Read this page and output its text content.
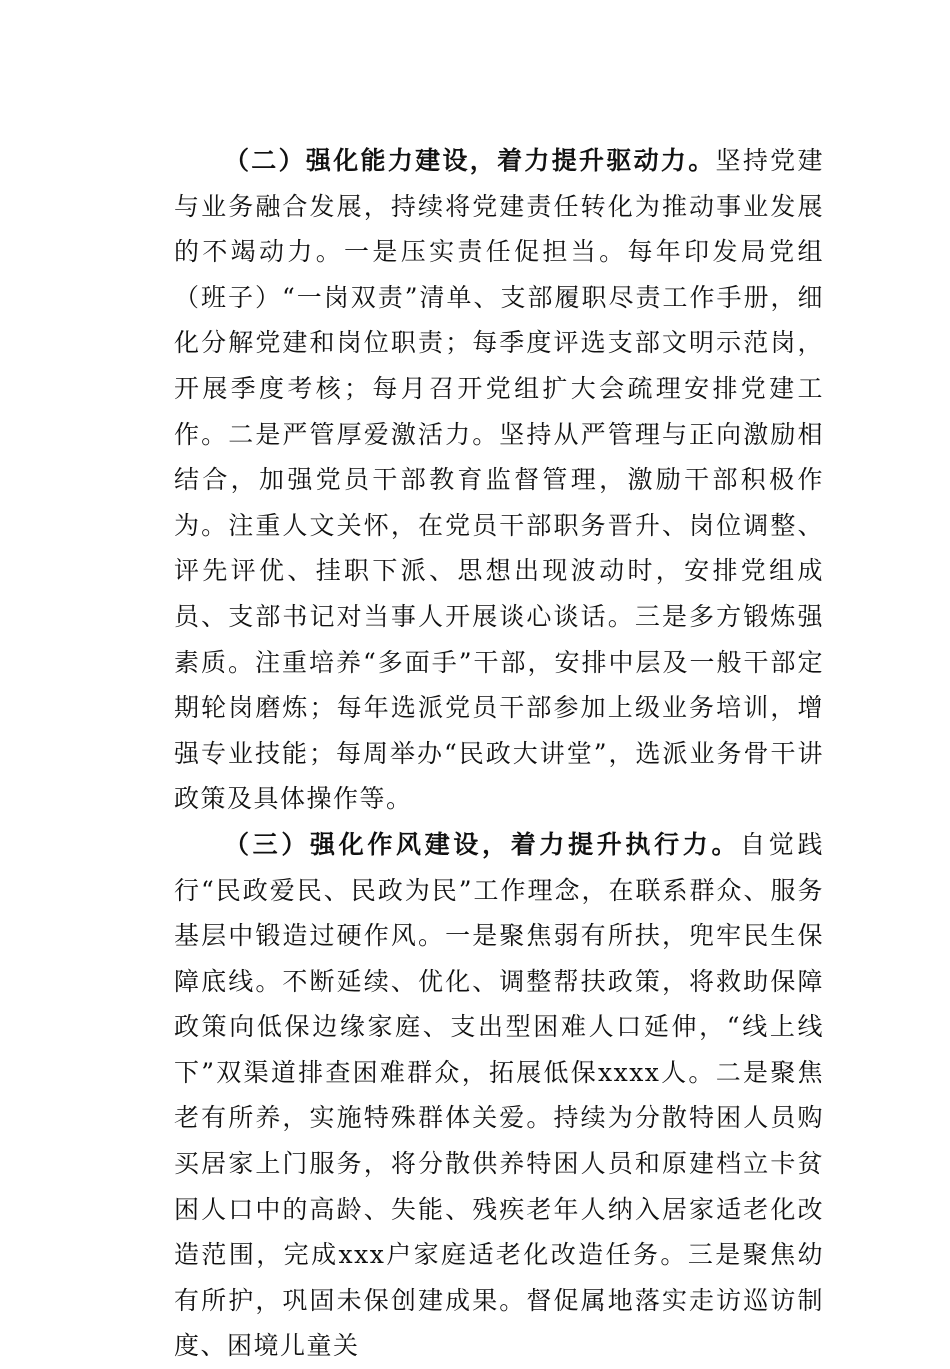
（二）强化能力建设，着力提升驱动力。坚持党建与业务融合发展，持续将党建责任转化为推动事业发展的不竭动力。一是压实责任促担当。每年印发局党组（班子）“一岗双责”清单、支部履职尽责工作手册，细化分解党建和岗位职责；每季度评选支部文明示范岗，开展季度考核；每月召开党组扩大会疏理安排党建工作。二是严管厚爱激活力。坚持从严管理与正向激励相结合，加强党员干部教育监督管理，激励干部积极作为。注重人文关怀，在党员干部职务晋升、岗位调整、评先评优、挂职下派、思想出现波动时，安排党组成员、支部书记对当事人开展谈心谈话。三是多方锻炼强素质。注重培养“多面手”干部，安排中层及一般干部定期轮岗磨炼；每年选派党员干部参加上级业务培训，增强专业技能；每周举办“民政大讲堂”，选派业务骨干讲政策及具体操作等。

（三）强化作风建设，着力提升执行力。自觉践行“民政爱民、民政为民”工作理念，在联系群众、服务基层中锻造过硬作风。一是聚焦弱有所扶，兜牢民生保障底线。不断延续、优化、调整帮扶政策，将救助保障政策向低保边缘家庭、支出型困难人口延伸，“线上线下”双渠道排查困难群众，拓展低保xxxx人。二是聚焦老有所养，实施特殊群体关爱。持续为分散特困人员购买居家上门服务，将分散供养特困人员和原建档立卡贫困人口中的高龄、失能、残疾老年人纳入居家适老化改造范围，完成xxx户家庭适老化改造任务。三是聚焦幼有所护，巩固未保创建成果。督促属地落实走访巡访制度、困境儿童关
